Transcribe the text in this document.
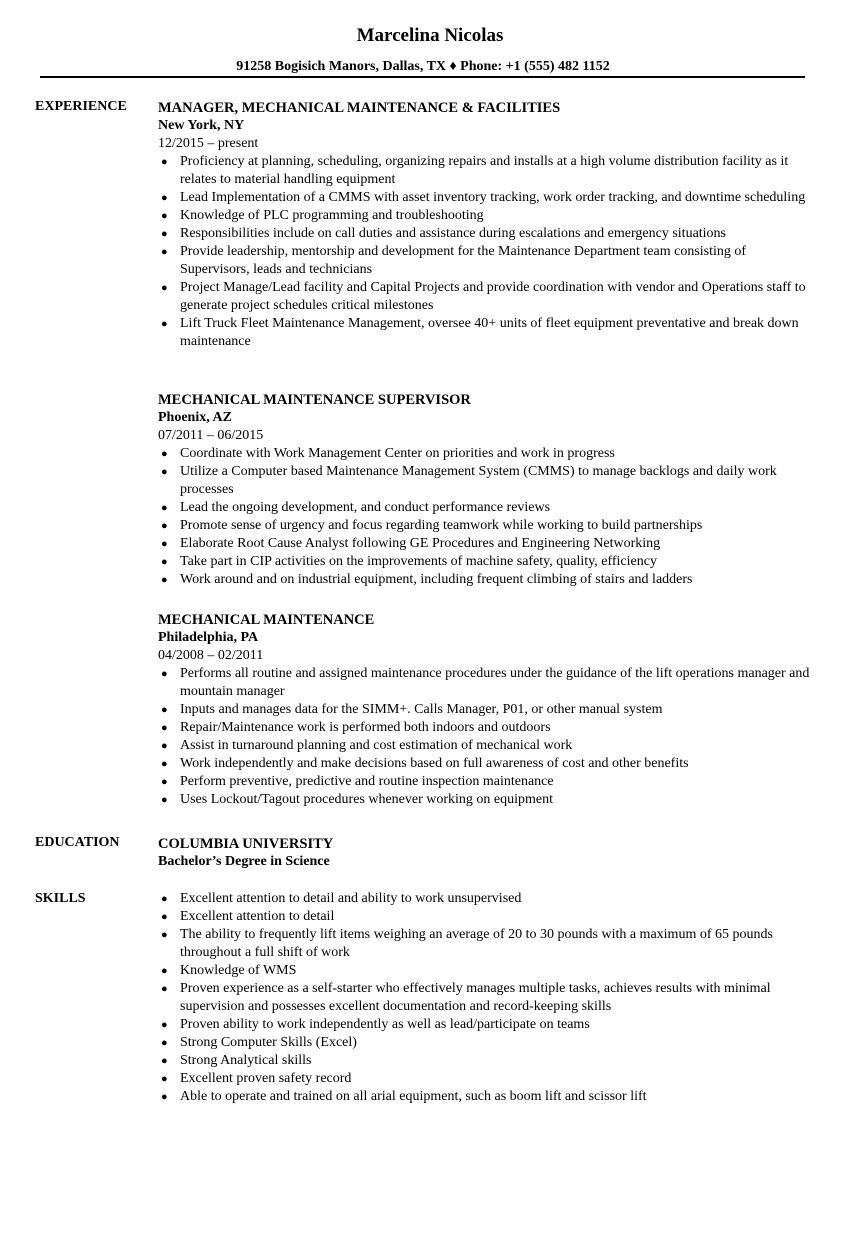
Marcelina Nicolas
91258 Bogisich Manors, Dallas, TX ♦ Phone: +1 (555) 482 1152
EXPERIENCE MANAGER, MECHANICAL MAINTENANCE & FACILITIES
New York, NY
12/2015 – present
● Proficiency at planning, scheduling, organizing repairs and installs at a high volume distribution facility as it relates to material handling equipment
● Lead Implementation of a CMMS with asset inventory tracking, work order tracking, and downtime scheduling
● Knowledge of PLC programming and troubleshooting
● Responsibilities include on call duties and assistance during escalations and emergency situations
● Provide leadership, mentorship and development for the Maintenance Department team consisting of Supervisors, leads and technicians
● Project Manage/Lead facility and Capital Projects and provide coordination with vendor and Operations staff to generate project schedules critical milestones
● Lift Truck Fleet Maintenance Management, oversee 40+ units of fleet equipment preventative and break down maintenance
MECHANICAL MAINTENANCE SUPERVISOR
Phoenix, AZ
07/2011 – 06/2015
● Coordinate with Work Management Center on priorities and work in progress
● Utilize a Computer based Maintenance Management System (CMMS) to manage backlogs and daily work processes
● Lead the ongoing development, and conduct performance reviews
● Promote sense of urgency and focus regarding teamwork while working to build partnerships
● Elaborate Root Cause Analyst following GE Procedures and Engineering Networking
● Take part in CIP activities on the improvements of machine safety, quality, efficiency
● Work around and on industrial equipment, including frequent climbing of stairs and ladders
MECHANICAL MAINTENANCE
Philadelphia, PA
04/2008 – 02/2011
● Performs all routine and assigned maintenance procedures under the guidance of the lift operations manager and mountain manager
● Inputs and manages data for the SIMM+. Calls Manager, P01, or other manual system
● Repair/Maintenance work is performed both indoors and outdoors
● Assist in turnaround planning and cost estimation of mechanical work
● Work independently and make decisions based on full awareness of cost and other benefits
● Perform preventive, predictive and routine inspection maintenance
● Uses Lockout/Tagout procedures whenever working on equipment
EDUCATION	COLUMBIA UNIVERSITY
Bachelor’s Degree in Science
SKILLS	● Excellent attention to detail and ability to work unsupervised
● Excellent attention to detail
● The ability to frequently lift items weighing an average of 20 to 30 pounds with a maximum of 65 pounds throughout a full shift of work
● Knowledge of WMS
● Proven experience as a self-starter who effectively manages multiple tasks, achieves results with minimal supervision and possesses excellent documentation and record-keeping skills
● Proven ability to work independently as well as lead/participate on teams
● Strong Computer Skills (Excel)
● Strong Analytical skills
● Excellent proven safety record
● Able to operate and trained on all arial equipment, such as boom lift and scissor lift
